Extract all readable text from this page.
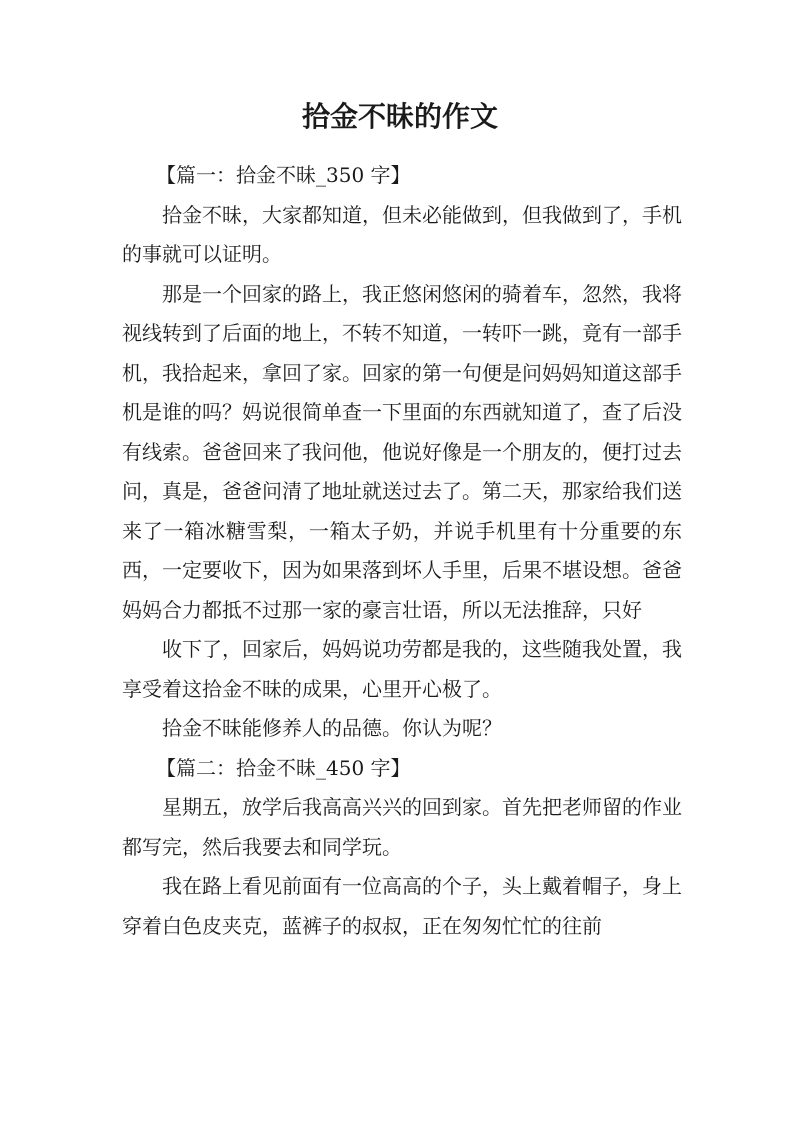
拾金不昧的作文

【篇一：拾金不昧_350 字】

拾金不昧，大家都知道，但未必能做到，但我做到了，手机的事就可以证明。

那是一个回家的路上，我正悠闲悠闲的骑着车，忽然，我将视线转到了后面的地上，不转不知道，一转吓一跳，竟有一部手机，我拾起来，拿回了家。回家的第一句便是问妈妈知道这部手机是谁的吗？妈说很简单查一下里面的东西就知道了，查了后没有线索。爸爸回来了我问他，他说好像是一个朋友的，便打过去问，真是，爸爸问清了地址就送过去了。第二天，那家给我们送来了一箱冰糖雪梨，一箱太子奶，并说手机里有十分重要的东西，一定要收下，因为如果落到坏人手里，后果不堪设想。爸爸妈妈合力都抵不过那一家的豪言壮语，所以无法推辞，只好

收下了，回家后，妈妈说功劳都是我的，这些随我处置，我享受着这拾金不昧的成果，心里开心极了。

拾金不昧能修养人的品德。你认为呢？

【篇二：拾金不昧_450 字】

星期五，放学后我高高兴兴的回到家。首先把老师留的作业都写完，然后我要去和同学玩。

我在路上看见前面有一位高高的个子，头上戴着帽子，身上穿着白色皮夹克，蓝裤子的叔叔，正在匆匆忙忙的往前
